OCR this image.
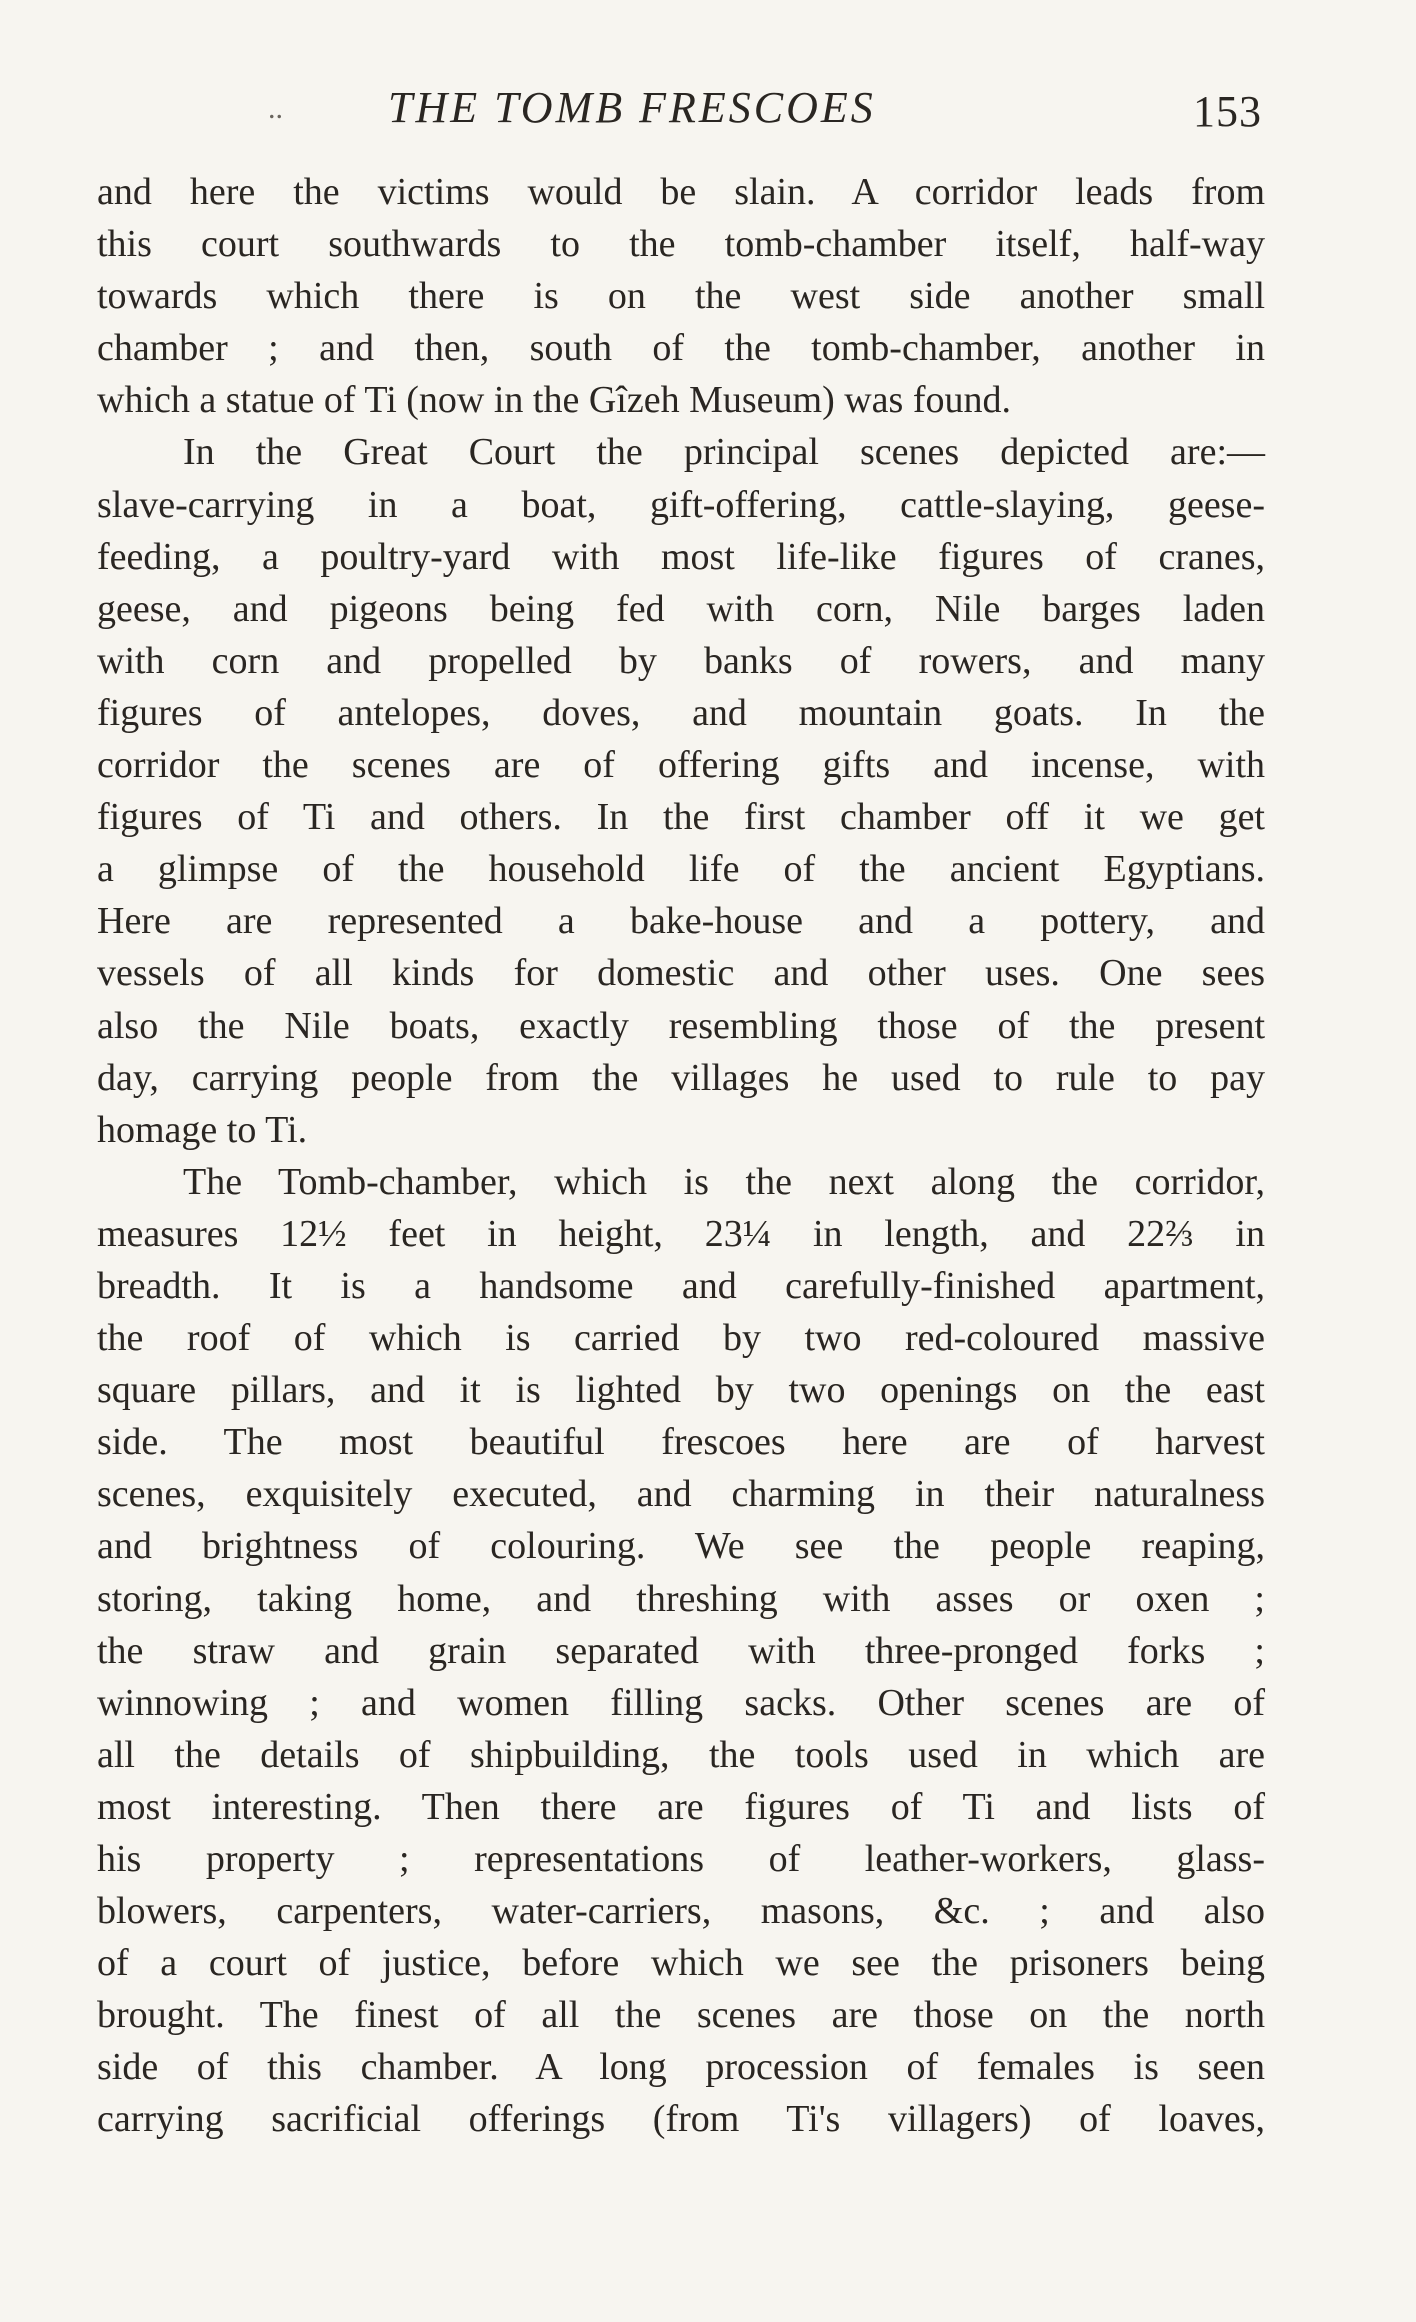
.. THE TOMB FRESCOES	153
and here the victims would be slain. A corridor leads from
this court southwards to the tomb-chamber itself, half-way
towards which there is on the west side another small
chamber ; and then, south of the tomb-chamber, another in
which a statue of Ti (now in the Gîzeh Museum) was found.
In the Great Court the principal scenes depicted are:—
slave-carrying in a boat, gift-offering, cattle-slaying, geese-
feeding, a poultry-yard with most life-like figures of cranes,
geese, and pigeons being fed with corn, Nile barges laden
with corn and propelled by banks of rowers, and many
figures of antelopes, doves, and mountain goats. In the
corridor the scenes are of offering gifts and incense, with
figures of Ti and others. In the first chamber off it we get
a glimpse of the household life of the ancient Egyptians.
Here are represented a bake-house and a pottery, and
vessels of all kinds for domestic and other uses. One sees
also the Nile boats, exactly resembling those of the present
day, carrying people from the villages he used to rule to pay
homage to Ti.
The Tomb-chamber, which is the next along the corridor,
measures 12½ feet in height, 23¼ in length, and 22⅔ in
breadth. It is a handsome and carefully-finished apartment,
the roof of which is carried by two red-coloured massive
square pillars, and it is lighted by two openings on the east
side. The most beautiful frescoes here are of harvest
scenes, exquisitely executed, and charming in their naturalness
and brightness of colouring. We see the people reaping,
storing, taking home, and threshing with asses or oxen ;
the straw and grain separated with three-pronged forks ;
winnowing ; and women filling sacks. Other scenes are of
all the details of shipbuilding, the tools used in which are
most interesting. Then there are figures of Ti and lists of
his property ; representations of leather-workers, glass-
blowers, carpenters, water-carriers, masons, &c. ; and also
of a court of justice, before which we see the prisoners being
brought. The finest of all the scenes are those on the north
side of this chamber. A long procession of females is seen
carrying sacrificial offerings (from Ti's villagers) of loaves,
